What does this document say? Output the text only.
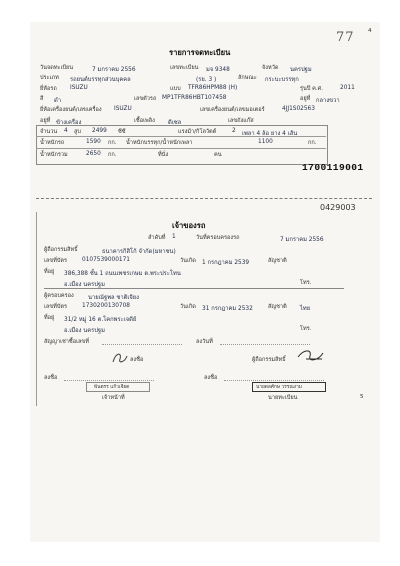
77 4
รายการจดทะเบียน
วันจดทะเบียน	7 มกราคม 2556	เลขทะเบียน มจ 9348	จังหวัด นครปฐม
ประเภท รถยนต์บรรทุกส่วนบุคคล	(รย. 3 )	ลักษณะ กระบะบรรทุก
ยี่ห้อรถ ISUZU	แบบ TFR86HPM88 (H)	รุ่นปี ค.ศ.	2011
สี ดำ	เลขตัวรถ MP1TFR86HBT107458	อยู่ที่ กลางขวา
ยี่ห้อเครื่องยนต์/เลขเครื่อง ISUZU	เลขเครื่องยนต์/เลขมอเตอร์	4JJ1S02563
อยู่ที่ ข้างเครื่อง	เชื้อเพลิง ดีเซล	เลขถังแก๊ส
จำนวน 4 สูบ 2499 ซีซี	แรงม้า/กิโลวัตต์	2 เพลา 4 ล้อ ยาง 4 เส้น
น้ำหนักรถ	1590 กก. น้ำหนักบรรทุก/น้ำหนักเพลา	1100	กก.
น้ำหนักรวม	2650 กก.	ที่นั่ง	คน
1700119001
0429003
เจ้าของรถ
ลำดับที่ 1	วันที่ครอบครองรถ	7 มกราคม 2556
ผู้ถือกรรมสิทธิ์	ธนาคารกิสิโก้ จำกัด(มหาชน)
เลขที่บัตร	0107539000171	วันเกิด 1 กรกฎาคม 2539	สัญชาติ
ที่อยู่ 386,388 ชั้น 1 ถนนเพชรเกษม ต.พระประโทน
อ.เมือง นครปฐม	โทร.
ผู้ครอบครอง นายณัฐพล ชาติเจียง
เลขที่บัตร	1730200130708	วันเกิด 31 กรกฎาคม 2532	สัญชาติ ไทย
ที่อยู่ 31/2 หมู่ 16 ต.โคกพระเจดีย์
อ.เมือง นครปฐม	โทร.
สัญญาเช่าซื้อเลขที่	ลงวันที่
ลงชื่อ	ผู้ถือกรรมสิทธิ์
ลงชื่อ	ลงชื่อ
พันตรร แก้วเจียต
เจ้าหน้าที่
นายดลศักษ วรรณงาม
นายทะเบียน	5
